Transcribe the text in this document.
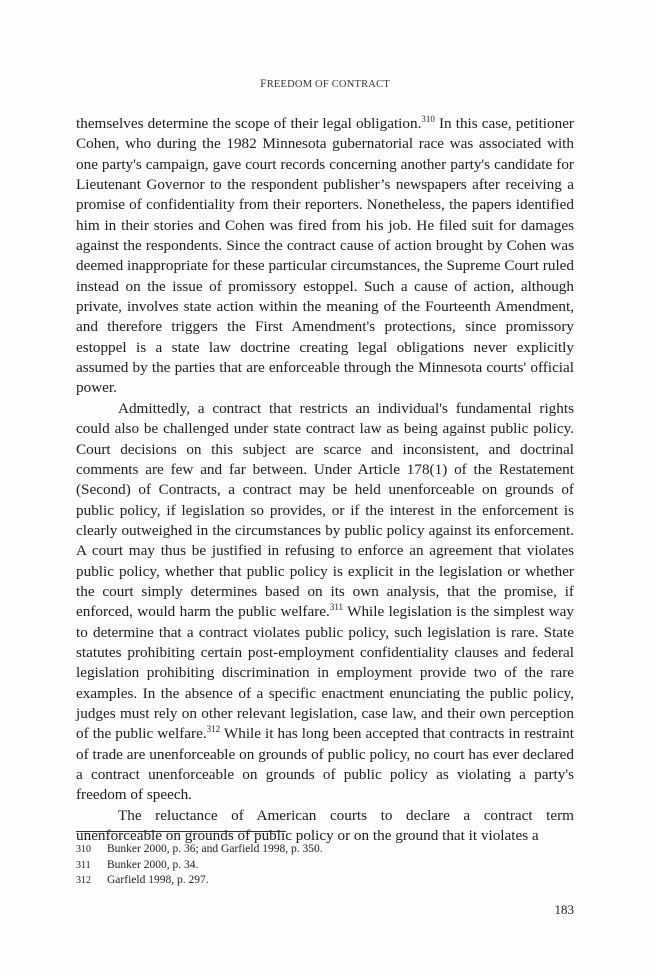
FREEDOM OF CONTRACT

themselves determine the scope of their legal obligation.$^{310}$ In this case, petitioner Cohen, who during the 1982 Minnesota gubernatorial race was associated with one party's campaign, gave court records concerning another party's candidate for Lieutenant Governor to the respondent publisher’s newspapers after receiving a promise of confidentiality from their reporters. Nonetheless, the papers identified him in their stories and Cohen was fired from his job. He filed suit for damages against the respondents. Since the contract cause of action brought by Cohen was deemed inappropriate for these particular circumstances, the Supreme Court ruled instead on the issue of promissory estoppel. Such a cause of action, although private, involves state action within the meaning of the Fourteenth Amendment, and therefore triggers the First Amendment's protections, since promissory estoppel is a state law doctrine creating legal obligations never explicitly assumed by the parties that are enforceable through the Minnesota courts' official power.

Admittedly, a contract that restricts an individual's fundamental rights could also be challenged under state contract law as being against public policy. Court decisions on this subject are scarce and inconsistent, and doctrinal comments are few and far between. Under Article 178(1) of the Restatement (Second) of Contracts, a contract may be held unenforceable on grounds of public policy, if legislation so provides, or if the interest in the enforcement is clearly outweighed in the circumstances by public policy against its enforcement. A court may thus be justified in refusing to enforce an agreement that violates public policy, whether that public policy is explicit in the legislation or whether the court simply determines based on its own analysis, that the promise, if enforced, would harm the public welfare.$^{311}$ While legislation is the simplest way to determine that a contract violates public policy, such legislation is rare. State statutes prohibiting certain post-employment confidentiality clauses and federal legislation prohibiting discrimination in employment provide two of the rare examples. In the absence of a specific enactment enunciating the public policy, judges must rely on other relevant legislation, case law, and their own perception of the public welfare.$^{312}$ While it has long been accepted that contracts in restraint of trade are unenforceable on grounds of public policy, no court has ever declared a contract unenforceable on grounds of public policy as violating a party's freedom of speech.

The reluctance of American courts to declare a contract term unenforceable on grounds of public policy or on the ground that it violates a

310	Bunker 2000, p. 36; and Garfield 1998, p. 350.
311	Bunker 2000, p. 34.
312	Garfield 1998, p. 297.
183
